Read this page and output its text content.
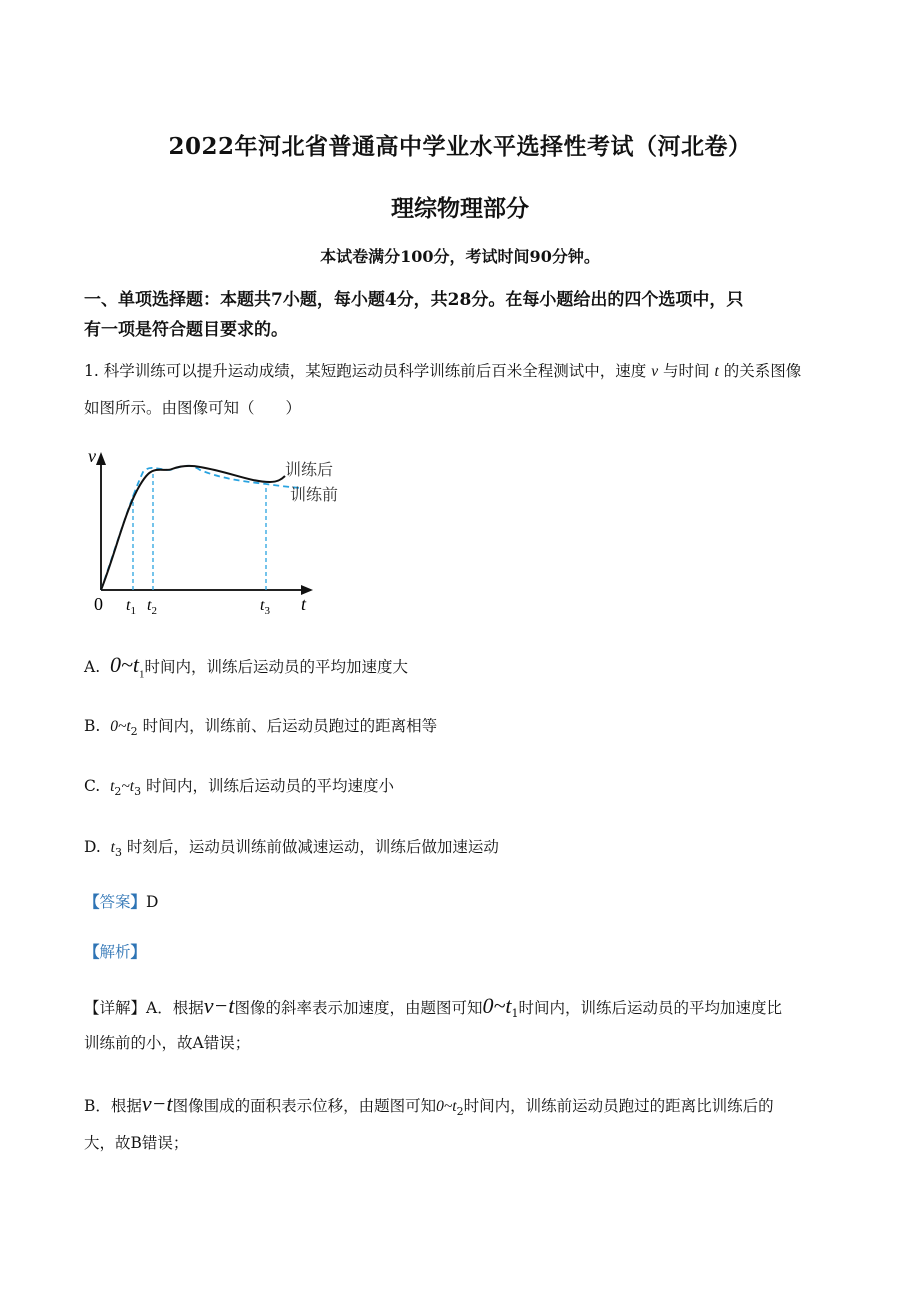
2022年河北省普通高中学业水平选择性考试（河北卷）
理综物理部分
本试卷满分100分，考试时间90分钟。
一、单项选择题：本题共7小题，每小题4分，共28分。在每小题给出的四个选项中，只
有一项是符合题目要求的。
1. 科学训练可以提升运动成绩，某短跑运动员科学训练前后百米全程测试中，速度 v 与时间 t 的关系图像
如图所示。由图像可知（　　）
v
0 $t_1$ $t_2$	$t_3$ t
训练后
训练前
A. $0\sim t_1$时间内，训练后运动员的平均加速度大
B. $0\sim t_2$ 时间内，训练前、后运动员跑过的距离相等
C. $t_2\sim t_3$ 时间内，训练后运动员的平均速度小
D. $t_3$ 时刻后，运动员训练前做减速运动，训练后做加速运动
【答案】D
【解析】
【详解】A．根据v−t图像的斜率表示加速度，由题图可知$0\sim t_1$时间内，训练后运动员的平均加速度比
训练前的小，故A错误；
B．根据v−t图像围成的面积表示位移，由题图可知$0\sim t_2$时间内，训练前运动员跑过的距离比训练后的
大，故B错误；
